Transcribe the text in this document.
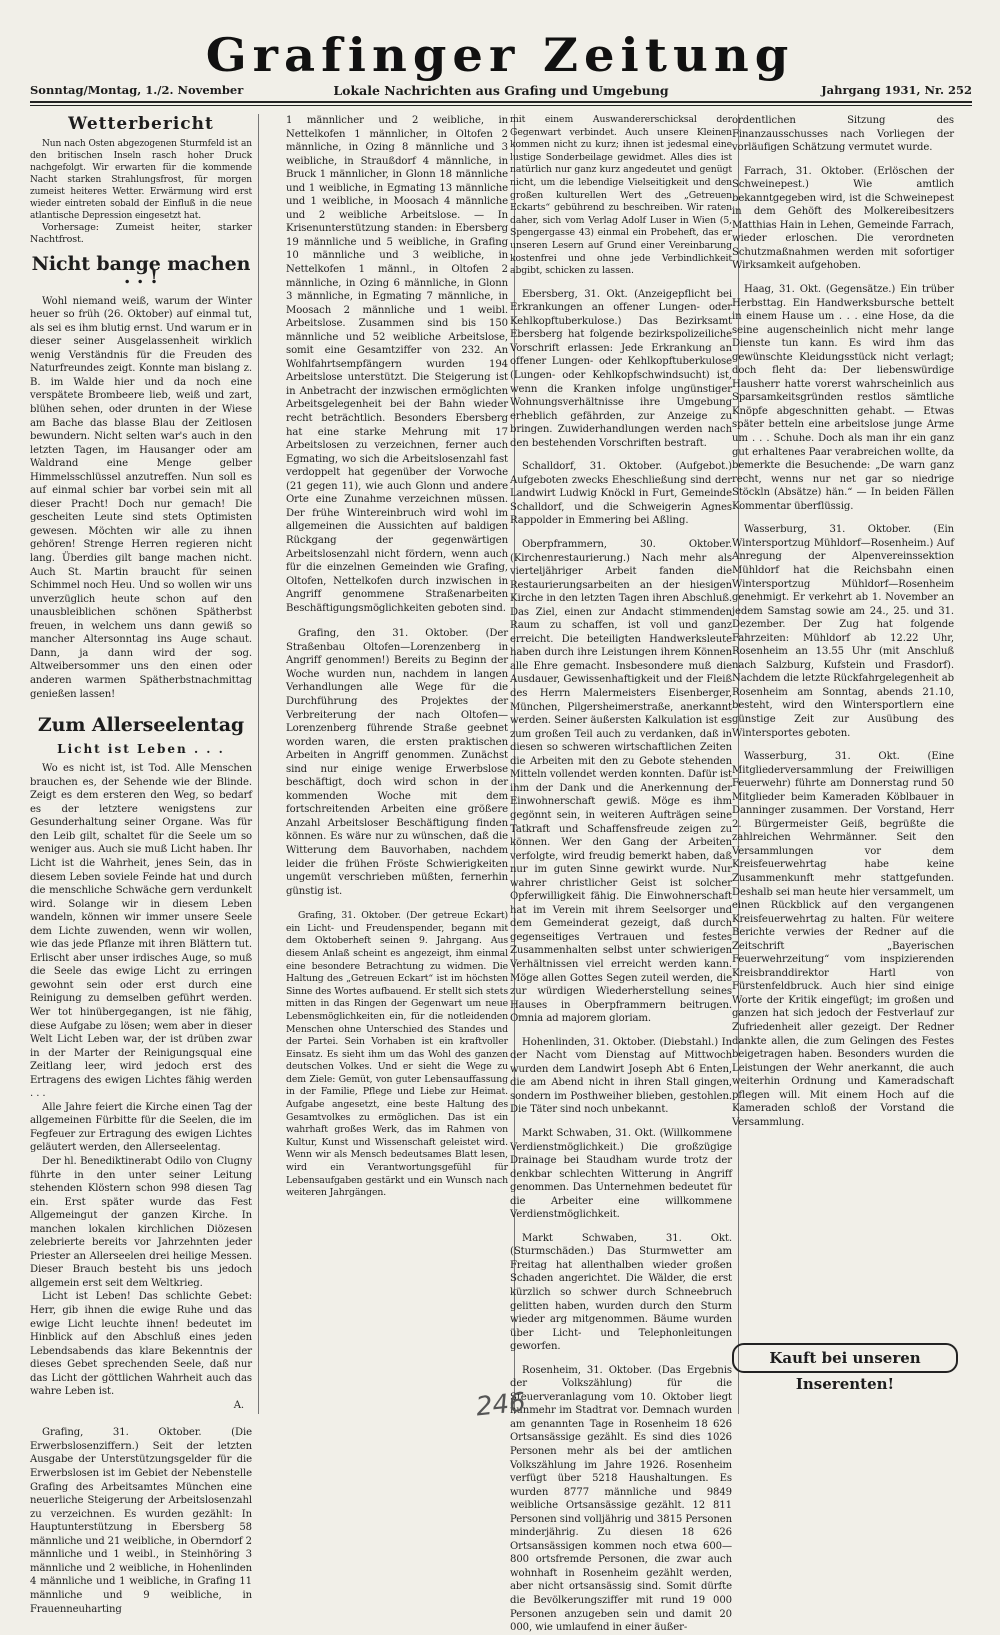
Grafinger Zeitung
Lokale Nachrichten aus Grafing und Umgebung
Sonntag/Montag, 1./2. November	Jahrgang 1931, Nr. 252
Wetterbericht

Nun nach Osten abgezogenen Sturmfeld ist an den britischen Inseln rasch hoher Druck nachgefolgt. Wir erwarten für die kommende Nacht starken Strahlungsfrost, für morgen zumeist heiteres Wetter. Erwärmung wird erst wieder eintreten sobald der Einfluß in die neue atlantische Depression eingesetzt hat.

Vorhersage: Zumeist heiter, starker Nachtfrost.

Nicht bange machen . . !

Wohl niemand weiß, warum der Winter heuer so früh (26. Oktober) auf einmal tut, als sei es ihm blutig ernst. Und warum er in dieser seiner Ausgelassenheit wirklich wenig Verständnis für die Freuden des Naturfreundes zeigt. Konnte man bislang z. B. im Walde hier und da noch eine verspätete Brombeere lieb, weiß und zart, blühen sehen, oder drunten in der Wiese am Bache das blasse Blau der Zeitlosen bewundern. Nicht selten war's auch in den letzten Tagen, im Hausanger oder am Waldrand eine Menge gelber Himmelsschlüssel anzutreffen. Nun soll es auf einmal schier bar vorbei sein mit all dieser Pracht! Doch nur gemach! Die gescheiten Leute sind stets Optimisten gewesen. Möchten wir alle zu ihnen gehören! Strenge Herren regieren nicht lang. Überdies gilt bange machen nicht. Auch St. Martin braucht für seinen Schimmel noch Heu. Und so wollen wir uns unverzüglich heute schon auf den unausbleiblichen schönen Spätherbst freuen, in welchem uns dann gewiß so mancher Altersonntag ins Auge schaut. Dann, ja dann wird der sog. Altweibersommer uns den einen oder anderen warmen Spätherbstnachmittag genießen lassen!

Zum Allerseelentag
Licht ist Leben . . .

Wo es nicht ist, ist Tod. Alle Menschen brauchen es, der Sehende wie der Blinde. Zeigt es dem ersteren den Weg, so bedarf es der letztere wenigstens zur Gesunderhaltung seiner Organe. Was für den Leib gilt, schaltet für die Seele um so weniger aus. Auch sie muß Licht haben. Ihr Licht ist die Wahrheit, jenes Sein, das in diesem Leben soviele Feinde hat und durch die menschliche Schwäche gern verdunkelt wird. Solange wir in diesem Leben wandeln, können wir immer unsere Seele dem Lichte zuwenden, wenn wir wollen, wie das jede Pflanze mit ihren Blättern tut. Erlischt aber unser irdisches Auge, so muß die Seele das ewige Licht zu erringen gewohnt sein oder erst durch eine Reinigung zu demselben geführt werden. Wer tot hinübergegangen, ist nie fähig, diese Aufgabe zu lösen; wem aber in dieser Welt Licht Leben war, der ist drüben zwar in der Marter der Reinigungsqual eine Zeitlang leer, wird jedoch erst des Ertragens des ewigen Lichtes fähig werden . . .

Alle Jahre feiert die Kirche einen Tag der allgemeinen Fürbitte für die Seelen, die im Fegfeuer zur Ertragung des ewigen Lichtes geläutert werden, den Allerseelentag.

Der hl. Benediktinerabt Odilo von Clugny führte in den unter seiner Leitung stehenden Klöstern schon 998 diesen Tag ein. Erst später wurde das Fest Allgemeingut der ganzen Kirche. In manchen lokalen kirchlichen Diözesen zelebrierte bereits vor Jahrzehnten jeder Priester an Allerseelen drei heilige Messen. Dieser Brauch besteht bis uns jedoch allgemein erst seit dem Weltkrieg.

Licht ist Leben! Das schlichte Gebet: Herr, gib ihnen die ewige Ruhe und das ewige Licht leuchte ihnen! bedeutet im Hinblick auf den Abschluß eines jeden Lebendsabends das klare Bekenntnis der dieses Gebet sprechenden Seele, daß nur das Licht der göttlichen Wahrheit auch das wahre Leben ist.

A.

Grafing, 31. Oktober. (Die Erwerbslosenziffern.) Seit der letzten Ausgabe der Unterstützungsgelder für die Erwerbslosen ist im Gebiet der Nebenstelle Grafing des Arbeitsamtes München eine neuerliche Steigerung der Arbeitslosenzahl zu verzeichnen. Es wurden gezählt: In Hauptunterstützung in Ebersberg 58 männliche und 21 weibliche, in Oberndorf 2 männliche und 1 weibl., in Steinhöring 3 männliche und 2 weibliche, in Hohenlinden 4 männliche und 1 weibliche, in Grafing 11 männliche und 9 weibliche, in Frauenneuharting

1 männlicher und 2 weibliche, in Nettelkofen 1 männlicher, in Oltofen 2 männliche, in Ozing 8 männliche und 3 weibliche, in Straußdorf 4 männliche, in Bruck 1 männlicher, in Glonn 18 männliche und 1 weibliche, in Egmating 13 männliche und 1 weibliche, in Moosach 4 männliche und 2 weibliche Arbeitslose. — In Krisenunterstützung standen: in Ebersberg 19 männliche und 5 weibliche, in Grafing 10 männliche und 3 weibliche, in Nettelkofen 1 männl., in Oltofen 2 männliche, in Ozing 6 männliche, in Glonn 3 männliche, in Egmating 7 männliche, in Moosach 2 männliche und 1 weibl. Arbeitslose. Zusammen sind bis 150 männliche und 52 weibliche Arbeitslose, somit eine Gesamtziffer von 232. An Wohlfahrtsempfängern wurden 194 Arbeitslose unterstützt. Die Steigerung ist in Anbetracht der inzwischen ermöglichten Arbeitsgelegenheit bei der Bahn wieder recht beträchtlich. Besonders Ebersberg hat eine starke Mehrung mit 17 Arbeitslosen zu verzeichnen, ferner auch Egmating, wo sich die Arbeitslosenzahl fast verdoppelt hat gegenüber der Vorwoche (21 gegen 11), wie auch Glonn und andere Orte eine Zunahme verzeichnen müssen. Der frühe Wintereinbruch wird wohl im allgemeinen die Aussichten auf baldigen Rückgang der gegenwärtigen Arbeitslosenzahl nicht fördern, wenn auch für die einzelnen Gemeinden wie Grafing, Oltofen, Nettelkofen durch inzwischen in Angriff genommene Straßenarbeiten Beschäftigungsmöglichkeiten geboten sind.

Grafing, den 31. Oktober. (Der Straßenbau Oltofen—Lorenzenberg in Angriff genommen!) Bereits zu Beginn der Woche wurden nun, nachdem in langen Verhandlungen alle Wege für die Durchführung des Projektes der Verbreiterung der nach Oltofen—Lorenzenberg führende Straße geebnet worden waren, die ersten praktischen Arbeiten in Angriff genommen. Zunächst sind nur einige wenige Erwerbslose beschäftigt, doch wird schon in der kommenden Woche mit dem fortschreitenden Arbeiten eine größere Anzahl Arbeitsloser Beschäftigung finden können. Es wäre nur zu wünschen, daß die Witterung dem Bauvorhaben, nachdem leider die frühen Fröste Schwierigkeiten ungemüt verschrieben müßten, fernerhin günstig ist.

Grafing, 31. Oktober. (Der getreue Eckart) ein Licht- und Freudenspender, begann mit dem Oktoberheft seinen 9. Jahrgang. Aus diesem Anlaß scheint es angezeigt, ihm einmal eine besondere Betrachtung zu widmen. Die Haltung des „Getreuen Eckart“ ist im höchsten Sinne des Wortes aufbauend. Er stellt sich stets mitten in das Ringen der Gegenwart um neue Lebensmöglichkeiten ein, für die notleidenden Menschen ohne Unterschied des Standes und der Partei. Sein Vorhaben ist ein kraftvoller Einsatz. Es sieht ihm um das Wohl des ganzen deutschen Volkes. Und er sieht die Wege zu dem Ziele: Gemüt, von guter Lebensauffassung in der Familie, Pflege und Liebe zur Heimat. Aufgabe angesetzt, eine beste Haltung des Gesamtvolkes zu ermöglichen. Das ist ein wahrhaft großes Werk, das im Rahmen von Kultur, Kunst und Wissenschaft geleistet wird. Wenn wir als Mensch bedeutsames Blatt lesen, wird ein Verantwortungsgefühl für Lebensaufgaben gestärkt und ein Wunsch nach weiteren Jahrgängen.

mit einem Auswandererschicksal der Gegenwart verbindet. Auch unsere Kleinen kommen nicht zu kurz; ihnen ist jedesmal eine lustige Sonderbeilage gewidmet. Alles dies ist natürlich nur ganz kurz angedeutet und genügt nicht, um die lebendige Vielseitigkeit und den großen kulturellen Wert des „Getreuen Eckarts“ gebührend zu beschreiben. Wir raten daher, sich vom Verlag Adolf Luser in Wien (5, Spengergasse 43) einmal ein Probeheft, das er unseren Lesern auf Grund einer Vereinbarung kostenfrei und ohne jede Verbindlichkeit abgibt, schicken zu lassen.

Ebersberg, 31. Okt. (Anzeigepflicht bei Erkrankungen an offener Lungen- oder Kehlkopftuberkulose.) Das Bezirksamt Ebersberg hat folgende bezirkspolizeiliche Vorschrift erlassen: Jede Erkrankung an offener Lungen- oder Kehlkopftuberkulose (Lungen- oder Kehlkopfschwindsucht) ist, wenn die Kranken infolge ungünstiger Wohnungsverhältnisse ihre Umgebung erheblich gefährden, zur Anzeige zu bringen. Zuwiderhandlungen werden nach den bestehenden Vorschriften bestraft.

Schalldorf, 31. Oktober. (Aufgebot.) Aufgeboten zwecks Eheschließung sind der Landwirt Ludwig Knöckl in Furt, Gemeinde Schalldorf, und die Schweigerin Agnes Rappolder in Emmering bei Aßling.

Oberpframmern, 30. Oktober. (Kirchenrestaurierung.) Nach mehr als vierteljähriger Arbeit fanden die Restaurierungsarbeiten an der hiesigen Kirche in den letzten Tagen ihren Abschluß. Das Ziel, einen zur Andacht stimmenden Raum zu schaffen, ist voll und ganz erreicht. Die beteiligten Handwerksleute haben durch ihre Leistungen ihrem Können alle Ehre gemacht. Insbesondere muß die Ausdauer, Gewissenhaftigkeit und der Fleiß des Herrn Malermeisters Eisenberger, München, Pilgersheimerstraße, anerkannt werden. Seiner äußersten Kalkulation ist es zum großen Teil auch zu verdanken, daß in diesen so schweren wirtschaftlichen Zeiten die Arbeiten mit den zu Gebote stehenden Mitteln vollendet werden konnten. Dafür ist ihm der Dank und die Anerkennung der Einwohnerschaft gewiß. Möge es ihm gegönnt sein, in weiteren Aufträgen seine Tatkraft und Schaffensfreude zeigen zu können. Wer den Gang der Arbeiten verfolgte, wird freudig bemerkt haben, daß nur im guten Sinne gewirkt wurde. Nur wahrer christlicher Geist ist solcher Opferwilligkeit fähig. Die Einwohnerschaft hat im Verein mit ihrem Seelsorger und dem Gemeinderat gezeigt, daß durch gegenseitiges Vertrauen und festes Zusammenhalten selbst unter schwierigen Verhältnissen viel erreicht werden kann. Möge allen Gottes Segen zuteil werden, die zur würdigen Wiederherstellung seines Hauses in Oberpframmern beitrugen. Omnia ad majorem gloriam.

Hohenlinden, 31. Oktober. (Diebstahl.) In der Nacht vom Dienstag auf Mittwoch wurden dem Landwirt Joseph Abt 6 Enten, die am Abend nicht in ihren Stall gingen, sondern im Posthweiher blieben, gestohlen. Die Täter sind noch unbekannt.

Markt Schwaben, 31. Okt. (Willkommene Verdienstmöglichkeit.) Die großzügige Drainage bei Staudham wurde trotz der denkbar schlechten Witterung in Angriff genommen. Das Unternehmen bedeutet für die Arbeiter eine willkommene Verdienstmöglichkeit.

Markt Schwaben, 31. Okt. (Sturmschäden.) Das Sturmwetter am Freitag hat allenthalben wieder großen Schaden angerichtet. Die Wälder, die erst kürzlich so schwer durch Schneebruch gelitten haben, wurden durch den Sturm wieder arg mitgenommen. Bäume wurden über Licht- und Telephonleitungen geworfen.

Rosenheim, 31. Oktober. (Das Ergebnis der Volkszählung) für die Steuerveranlagung vom 10. Oktober liegt nunmehr im Stadtrat vor. Demnach wurden am genannten Tage in Rosenheim 18 626 Ortsansässige gezählt. Es sind dies 1026 Personen mehr als bei der amtlichen Volkszählung im Jahre 1926. Rosenheim verfügt über 5218 Haushaltungen. Es wurden 8777 männliche und 9849 weibliche Ortsansässige gezählt. 12 811 Personen sind volljährig und 3815 Personen minderjährig. Zu diesen 18 626 Ortsansässigen kommen noch etwa 600—800 ortsfremde Personen, die zwar auch wohnhaft in Rosenheim gezählt werden, aber nicht ortsansässig sind. Somit dürfte die Bevölkerungsziffer mit rund 19 000 Personen anzugeben sein und damit 20 000, wie umlaufend in einer äußer-

ordentlichen Sitzung des Finanzausschusses nach Vorliegen der vorläufigen Schätzung vermutet wurde.

Farrach, 31. Oktober. (Erlöschen der Schweinepest.) Wie amtlich bekanntgegeben wird, ist die Schweinepest in dem Gehöft des Molkereibesitzers Matthias Hain in Lehen, Gemeinde Farrach, wieder erloschen. Die verordneten Schutzmaßnahmen werden mit sofortiger Wirksamkeit aufgehoben.

Haag, 31. Okt. (Gegensätze.) Ein trüber Herbsttag. Ein Handwerksbursche bettelt in einem Hause um . . . eine Hose, da die seine augenscheinlich nicht mehr lange Dienste tun kann. Es wird ihm das gewünschte Kleidungsstück nicht verlagt; doch fleht da: Der liebenswürdige Hausherr hatte vorerst wahrscheinlich aus Sparsamkeitsgründen restlos sämtliche Knöpfe abgeschnitten gehabt. — Etwas später betteln eine arbeitslose junge Arme um . . . Schuhe. Doch als man ihr ein ganz gut erhaltenes Paar verabreichen wollte, da bemerkte die Besuchende: „De warn ganz recht, wenns nur net gar so niedrige Stöckln (Absätze) hän.“ — In beiden Fällen Kommentar überflüssig.

Wasserburg, 31. Oktober. (Ein Wintersportzug Mühldorf—Rosenheim.) Auf Anregung der Alpenvereinssektion Mühldorf hat die Reichsbahn einen Wintersportzug Mühldorf—Rosenheim genehmigt. Er verkehrt ab 1. November an jedem Samstag sowie am 24., 25. und 31. Dezember. Der Zug hat folgende Fahrzeiten: Mühldorf ab 12.22 Uhr, Rosenheim an 13.55 Uhr (mit Anschluß nach Salzburg, Kufstein und Frasdorf). Nachdem die letzte Rückfahrgelegenheit ab Rosenheim am Sonntag, abends 21.10, besteht, wird den Wintersportlern eine günstige Zeit zur Ausübung des Wintersportes geboten.

Wasserburg, 31. Okt. (Eine Mitgliederversammlung der Freiwilligen Feuerwehr) führte am Donnerstag rund 50 Mitglieder beim Kameraden Köblbauer in Danninger zusammen. Der Vorstand, Herr 2. Bürgermeister Geiß, begrüßte die zahlreichen Wehrmänner. Seit den Versammlungen vor dem Kreisfeuerwehrtag habe keine Zusammenkunft mehr stattgefunden. Deshalb sei man heute hier versammelt, um einen Rückblick auf den vergangenen Kreisfeuerwehrtag zu halten. Für weitere Berichte verwies der Redner auf die Zeitschrift „Bayerischen Feuerwehrzeitung“ vom inspizierenden Kreisbranddirektor Hartl von Fürstenfeldbruck. Auch hier sind einige Worte der Kritik eingefügt; im großen und ganzen hat sich jedoch der Festverlauf zur Zufriedenheit aller gezeigt. Der Redner dankte allen, die zum Gelingen des Festes beigetragen haben. Besonders wurden die Leistungen der Wehr anerkannt, die auch weiterhin Ordnung und Kameradschaft pflegen will. Mit einem Hoch auf die Kameraden schloß der Vorstand die Versammlung.

Kauft bei unseren Inserenten!
246
